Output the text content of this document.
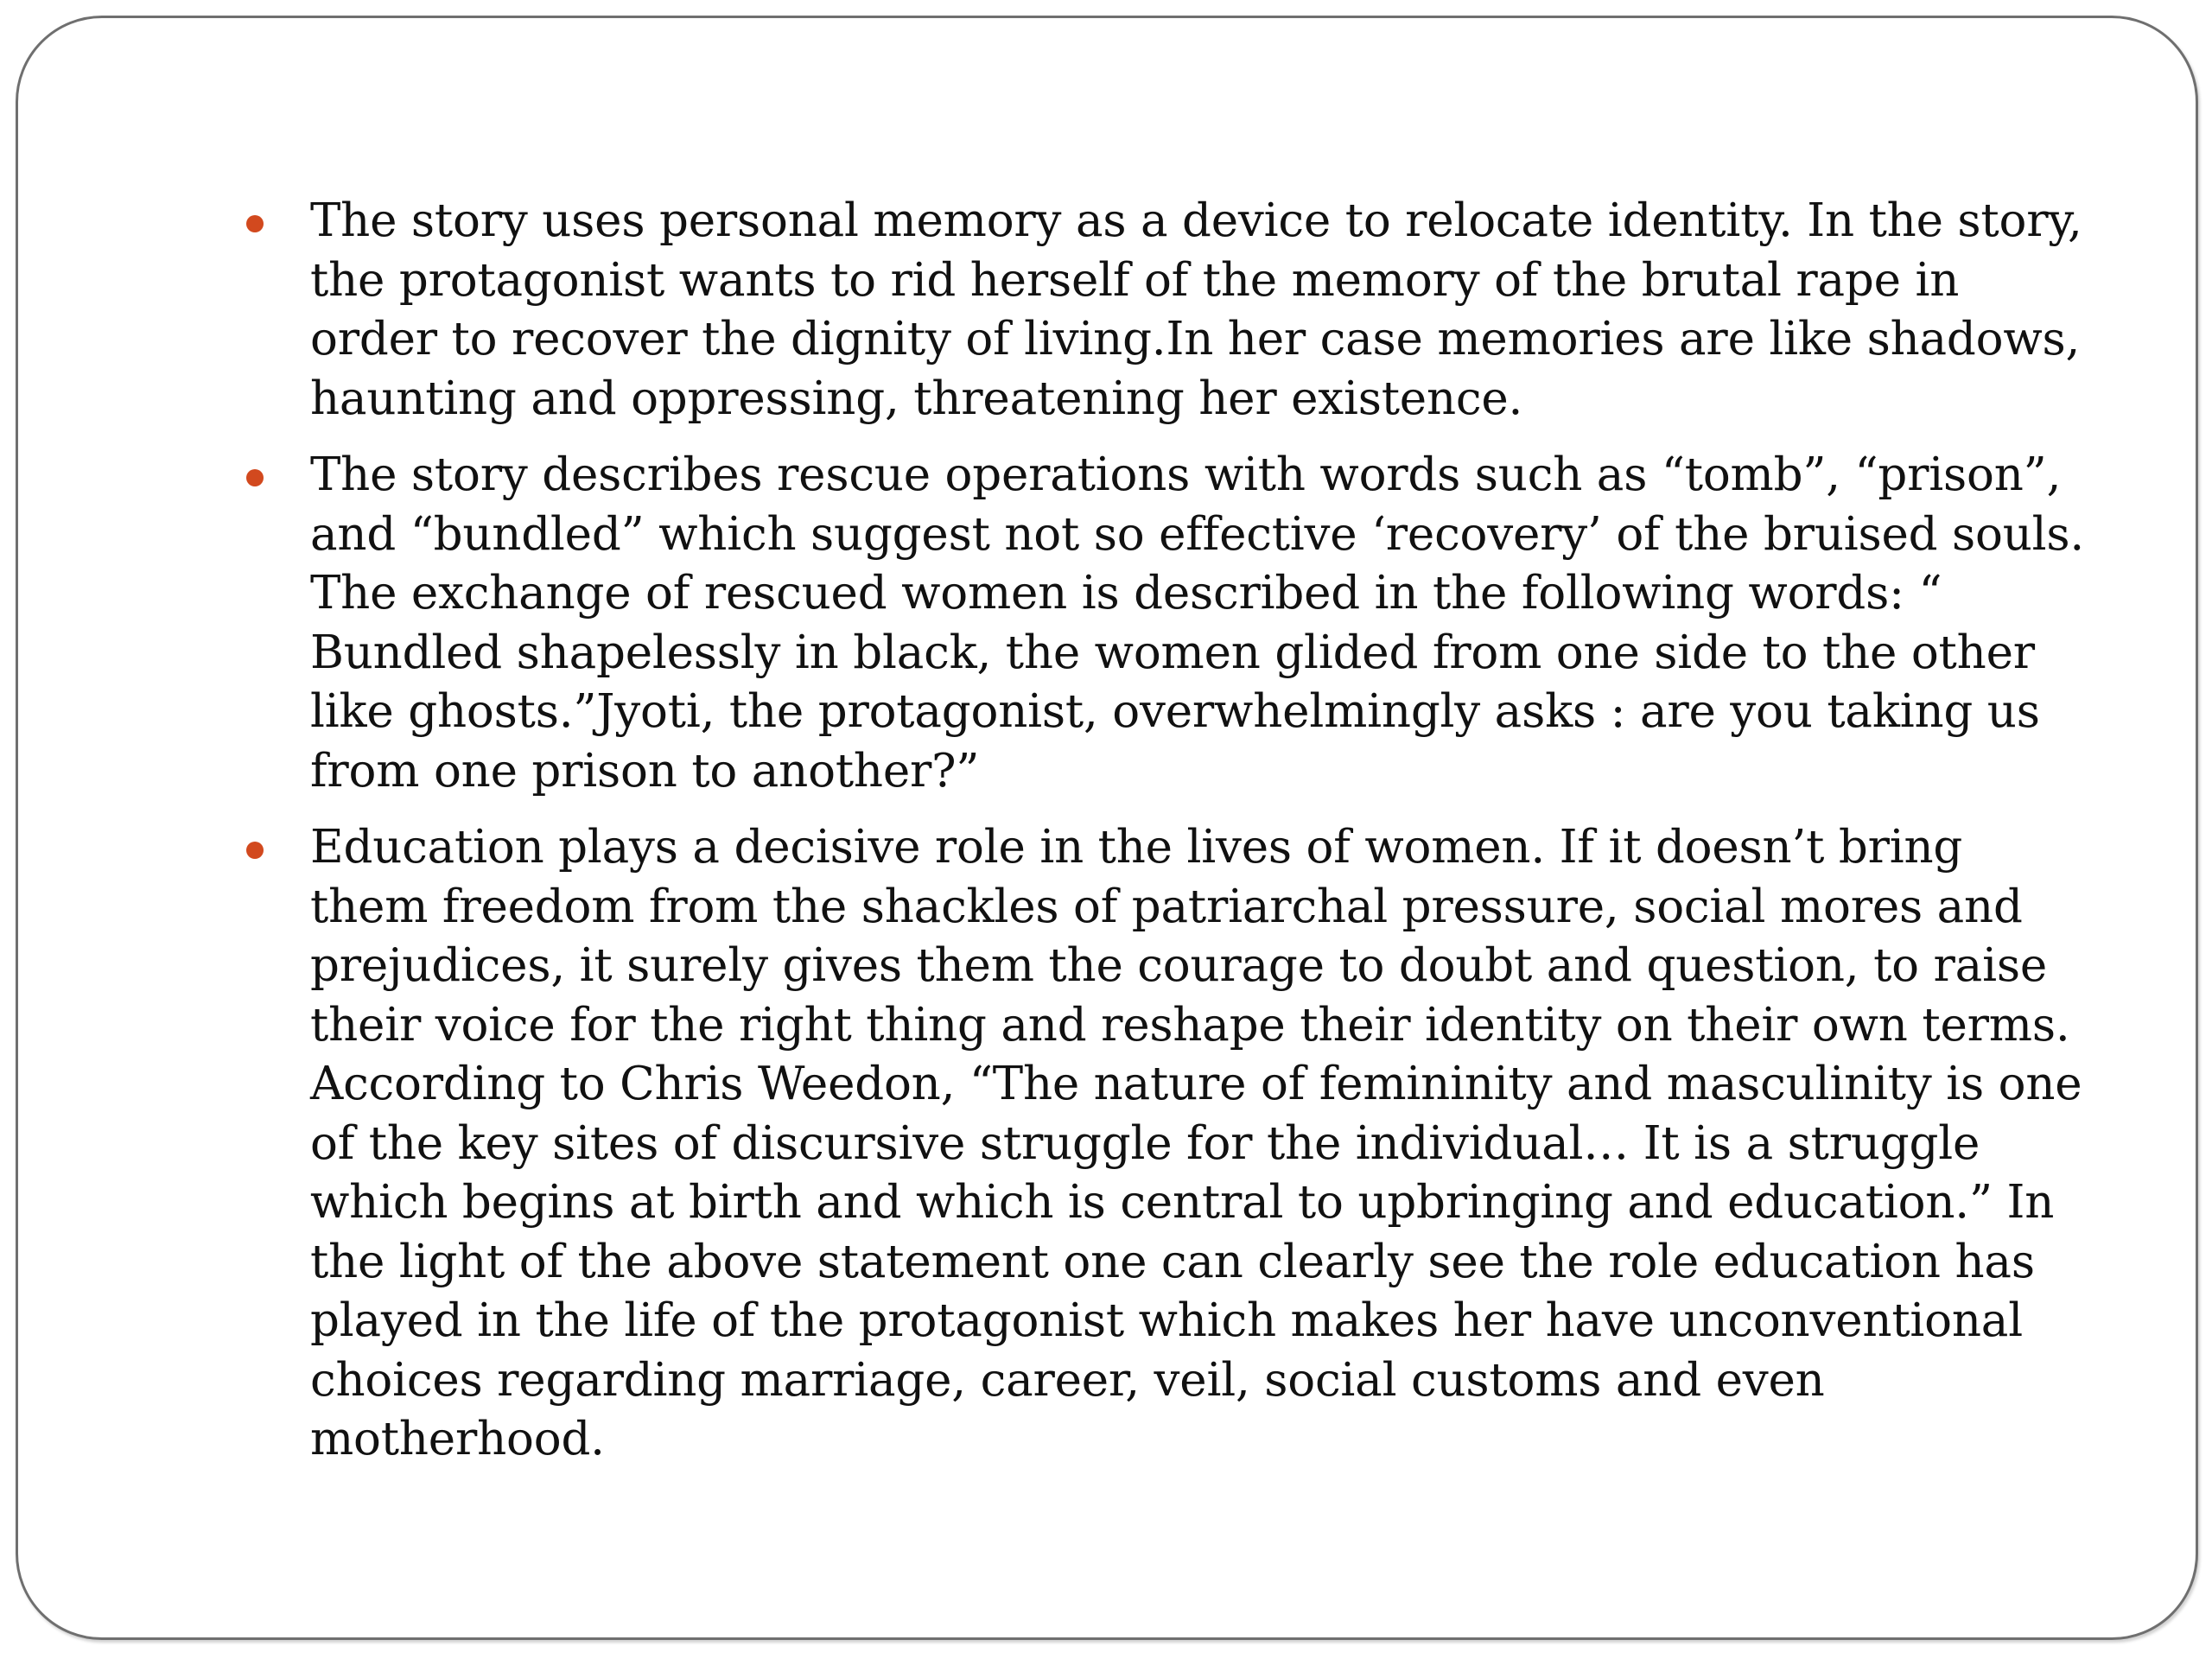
The story uses personal memory as a device to relocate identity. In the story, the protagonist wants to rid herself of the memory of the brutal rape in order to recover the dignity of living.In her case memories are like shadows, haunting and oppressing, threatening her existence.
The story describes rescue operations with words such as “tomb”, “prison”, and “bundled” which suggest not so effective ‘recovery’ of the bruised souls. The exchange of rescued women is described in the following words: “ Bundled shapelessly in black, the women glided from one side to the other like ghosts.”Jyoti, the protagonist, overwhelmingly asks : are you taking us from one prison to another?”
Education plays a decisive role in the lives of women. If it doesn’t bring them freedom from the shackles of patriarchal pressure, social mores and prejudices, it surely gives them the courage to doubt and question, to raise their voice for the right thing and reshape their identity on their own terms. According to Chris Weedon, “The nature of femininity and masculinity is one of the key sites of discursive struggle for the individual… It is a struggle which begins at birth and which is central to upbringing and education.” In the light of the above statement one can clearly see the role education has played in the life of the protagonist which makes her have unconventional choices regarding marriage, career, veil, social customs and even motherhood.
